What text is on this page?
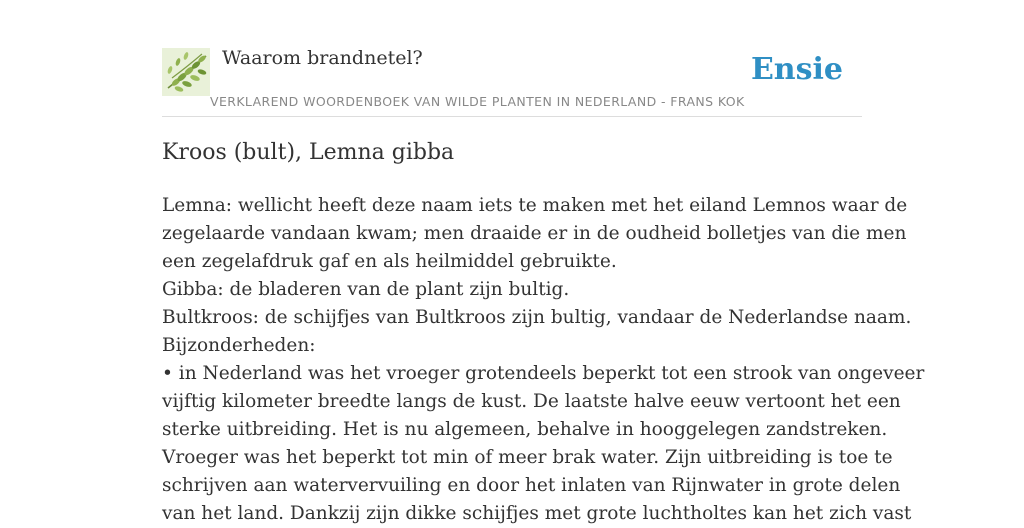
Waarom brandnetel?
VERKLAREND WOORDENBOEK VAN WILDE PLANTEN IN NEDERLAND - FRANS KOK
Ensie
Kroos (bult), Lemna gibba

Lemna: wellicht heeft deze naam iets te maken met het eiland Lemnos waar de

zegelaarde vandaan kwam; men draaide er in de oudheid bolletjes van die men

een zegelafdruk gaf en als heilmiddel gebruikte.

Gibba: de bladeren van de plant zijn bultig.

Bultkroos: de schijfjes van Bultkroos zijn bultig, vandaar de Nederlandse naam.

Bijzonderheden:

• in Nederland was het vroeger grotendeels beperkt tot een strook van ongeveer

vijftig kilometer breedte langs de kust. De laatste halve eeuw vertoont het een

sterke uitbreiding. Het is nu algemeen, behalve in hooggelegen zandstreken.

Vroeger was het beperkt tot min of meer brak water. Zijn uitbreiding is toe te

schrijven aan watervervuiling en door het inlaten van Rijnwater in grote delen

van het land. Dankzij zijn dikke schijfjes met grote luchtholtes kan het zich vast
